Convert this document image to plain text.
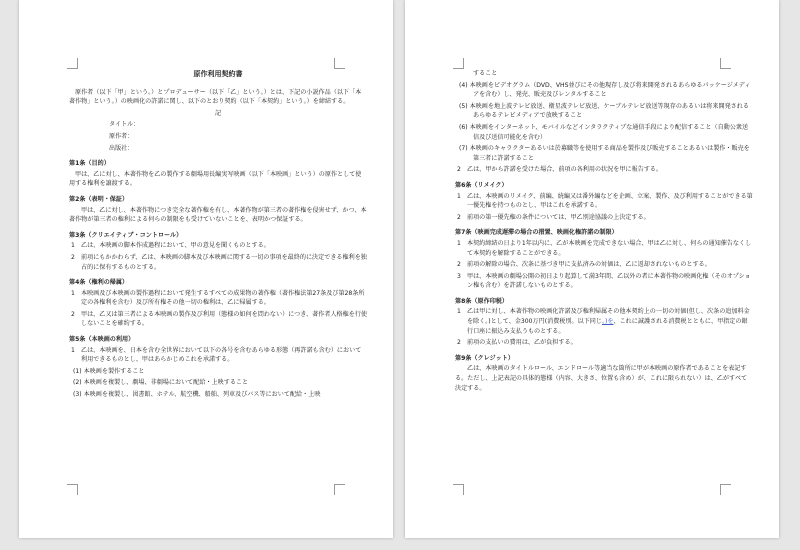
原作利用契約書
原作者（以下「甲」という。）とプロデューサー（以下「乙」という。）とは、下記の小説作品（以下「本著作物」という。）の映画化の許諾に関し、以下のとおり契約（以下「本契約」という。）を締結する。
記
タイトル：
原作者：
出版社：
第1条（目的）
甲は、乙に対し、本著作物を乙の製作する劇場用長編実写映画（以下「本映画」という）の原作として使用する権利を譲渡する。
第2条（表明・保証）
甲は、乙に対し、本著作物につき完全な著作権を有し、本著作物が第三者の著作権を侵害せず、かつ、本著作物が第三者の権利による何らの制限をも受けていないことを、表明かつ保証する。
第3条（クリエイティブ・コントロール）
1　乙は、本映画の脚本作成過程において、甲の意見を聞くものとする。
2　前項にもかかわらず、乙は、本映画の脚本及び本映画に関する一切の事項を最終的に決定できる権利を独占的に保有するものとする。
第4条（権利の帰属）
1　本映画及び本映画の製作過程において発生するすべての成果物の著作権（著作権法第27条及び第28条所定の各権利を含む）及び所有権その他一切の権利は、乙に帰属する。
2　甲は、乙又は第三者による本映画の製作及び利用（態様の如何を問わない）につき、著作者人格権を行使しないことを確約する。
第5条（本映画の利用）
1　乙は、本映画を、日本を含む全世界において以下の各号を含むあらゆる形態（再許諾も含む）において利用できるものとし、甲はあらかじめこれを承諾する。
(1) 本映画を製作すること
(2) 本映画を複製し、劇場、非劇場において配給・上映すること
(3) 本映画を複製し、図書館、ホテル、航空機、船舶、列車及びバス等において配給・上映
すること
(4) 本映画をビデオグラム（DVD、VHS並びにその他現存し及び将来開発されるあらゆるパッケージメディアを含む）し、発売、販売及びレンタルすること
(5) 本映画を地上波テレビ放送、衛星波テレビ放送、ケーブルテレビ放送等現存のあるいは将来開発されるあらゆるテレビメディアで放映すること
(6) 本映画をインターネット、モバイルなどインタラクティブな通信手段により配信すること（自動公衆送信及び送信可能化を含む）
(7) 本映画のキャラクターあるいは於募職等を使用する商品を製作及び販売することあるいは製作・販売を第三者に許諾すること
2　乙は、甲から許諾を受けた場合、前項の各利用の状況を甲に報告する。
第6条（リメイク）
1　乙は、本映画のリメイク、前編、続編又は番外編などを企画、立案、製作、及び利用することができる第一優先権を持つものとし、甲はこれを承諾する。
2　前項の第一優先権の条件については、甲乙別途協議の上決定する。
第7条（映画完成遅滞の場合の措置、映画化権許諾の制限）
1　本契約締結の日より1年以内に、乙が本映画を完成できない場合、甲は乙に対し、何らの通知催告なくして本契約を解除することができる。
2　前項の解除の場合、次条に基づき甲に支払済みの対価は、乙に返却されないものとする。
3　甲は、本映画の劇場公開の初日より起算して満3年間、乙以外の者に本著作物の映画化権（そのオプション権も含む）を許諾しないものとする。
第8条（原作印税）
1　乙は甲に対し、本著作物の映画化許諾及び権利帰属その他本契約上の一切の対価(但し、次条の追加料金を除く。)として、金300万円(消費税別。以下同じ。)を、これに誠護される消費税とともに、甲指定の銀行口座に振込み支払うものとする。
2　前項の支払いの費用は、乙が負担する。
第9条（クレジット）
乙は、本映画のタイトルロール、エンドロール等適当な箇所に甲が本映画の原作者であることを表記する。ただし、上記表記の具体的態様（内容、大きさ、位置も含め）が、これに限られない）は、乙がすべて決定する。
